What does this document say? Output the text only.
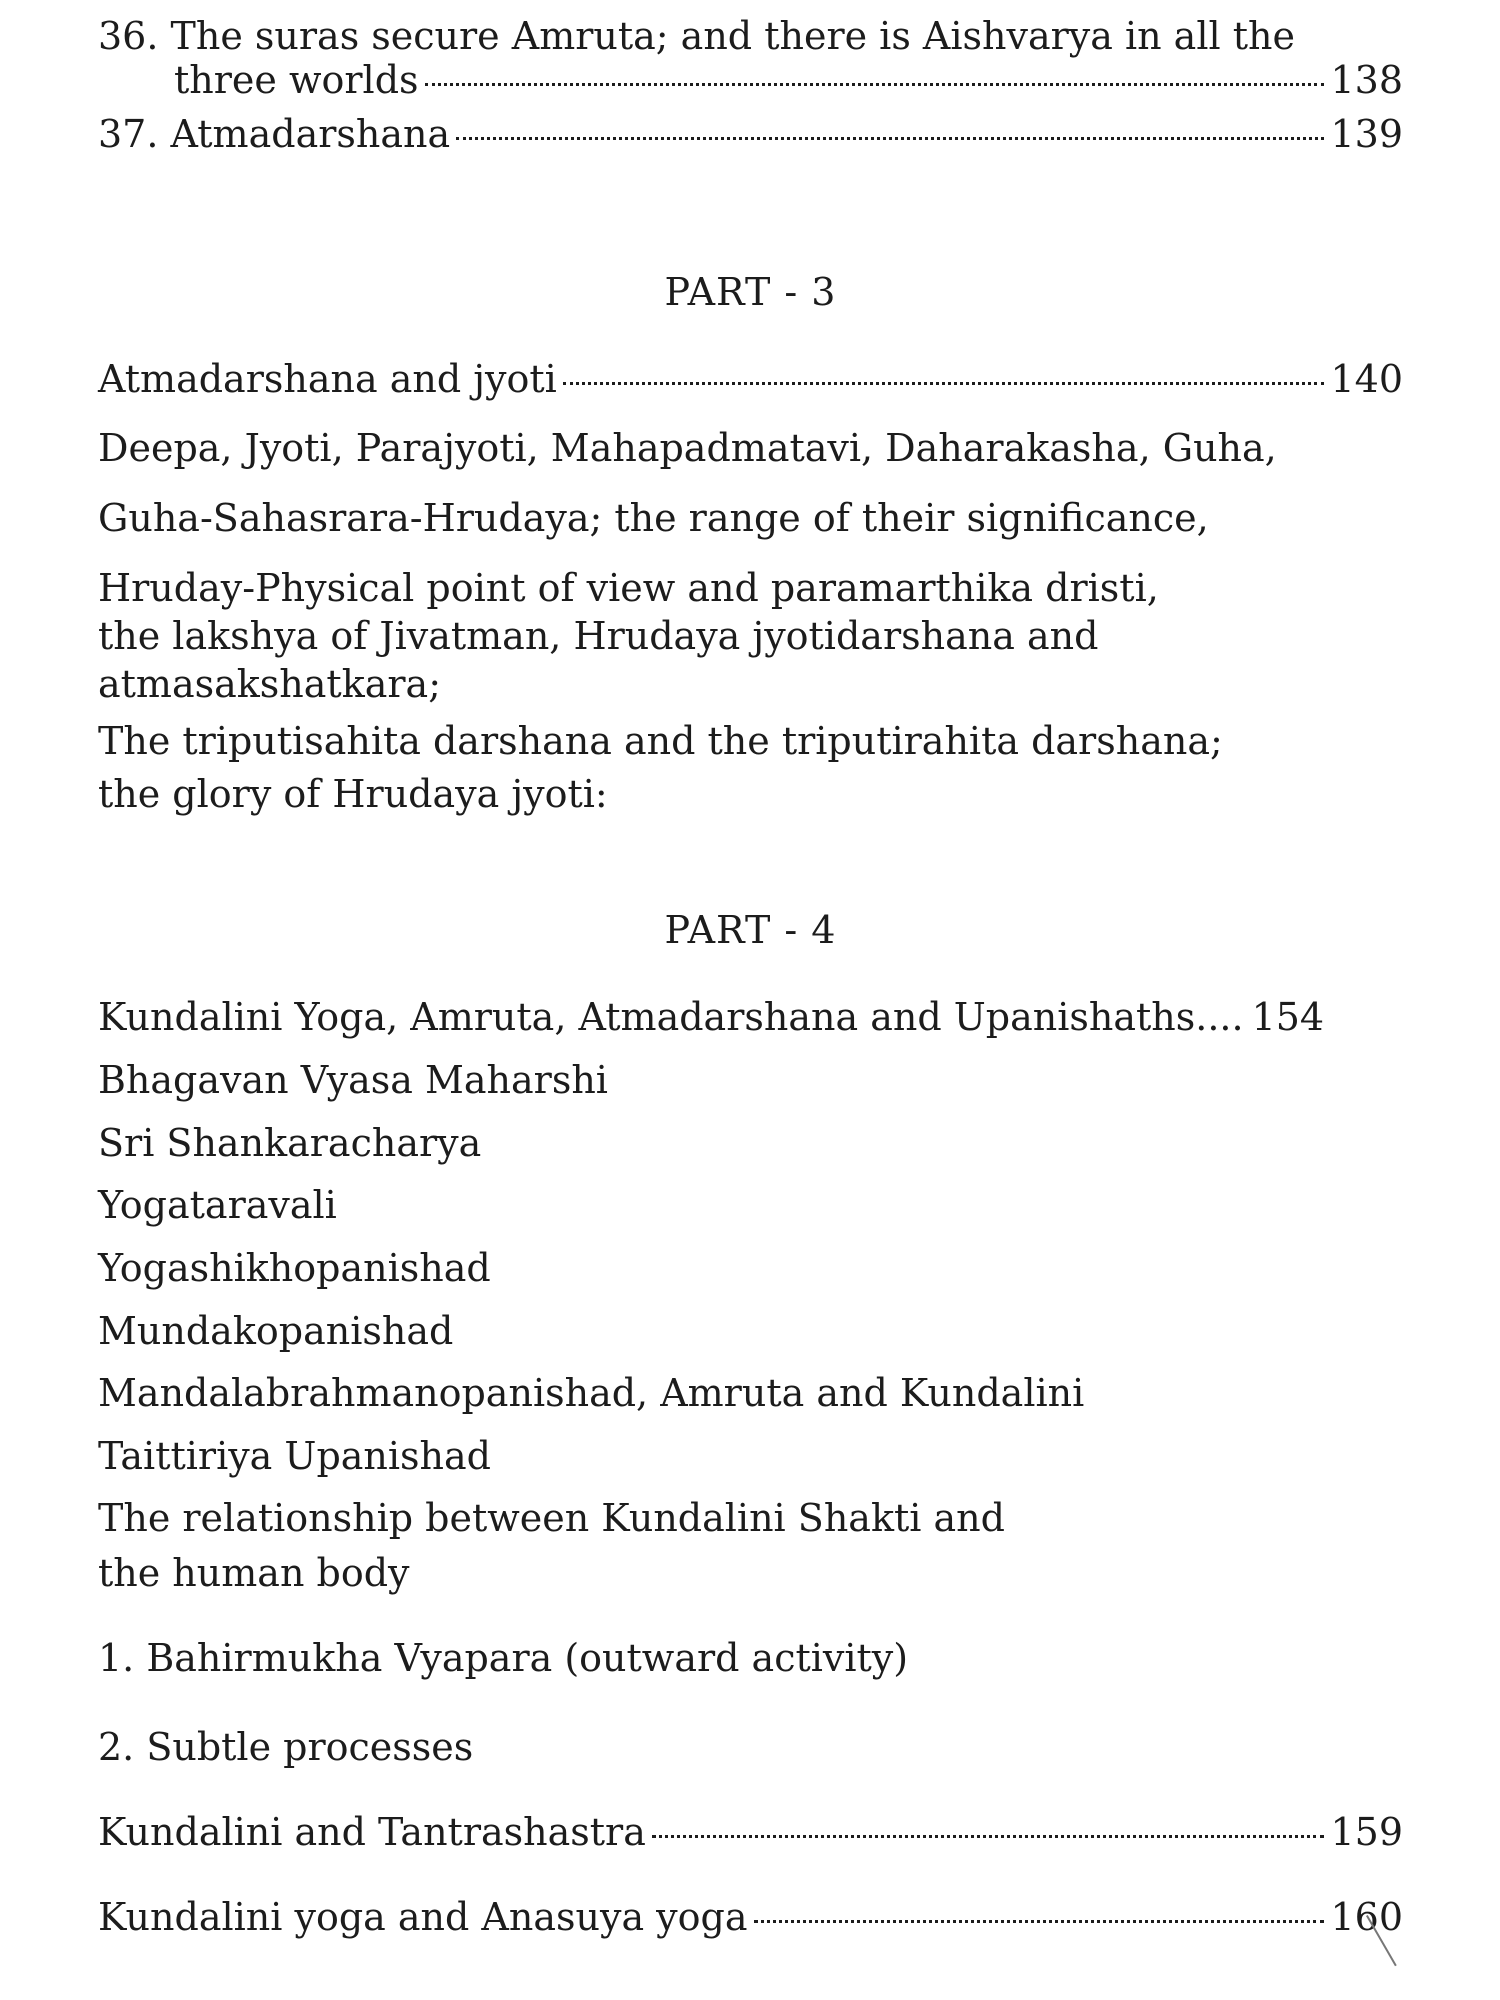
36. The suras secure Amruta; and there is Aishvarya in all the
three worlds	138
37. Atmadarshana	139
PART - 3
Atmadarshana and jyoti	140
Deepa, Jyoti, Parajyoti, Mahapadmatavi, Daharakasha, Guha,
Guha-Sahasrara-Hrudaya; the range of their significance,
Hruday-Physical point of view and paramarthika dristi,
the lakshya of Jivatman, Hrudaya jyotidarshana and
atmasakshatkara;
The triputisahita darshana and the triputirahita darshana;
the glory of Hrudaya jyoti:
PART - 4
Kundalini Yoga, Amruta, Atmadarshana and Upanishaths.... 154
Bhagavan Vyasa Maharshi
Sri Shankaracharya
Yogataravali
Yogashikhopanishad
Mundakopanishad
Mandalabrahmanopanishad, Amruta and Kundalini
Taittiriya Upanishad
The relationship between Kundalini Shakti and
the human body
1. Bahirmukha Vyapara (outward activity)
2. Subtle processes
Kundalini and Tantrashastra	159
Kundalini yoga and Anasuya yoga	160
